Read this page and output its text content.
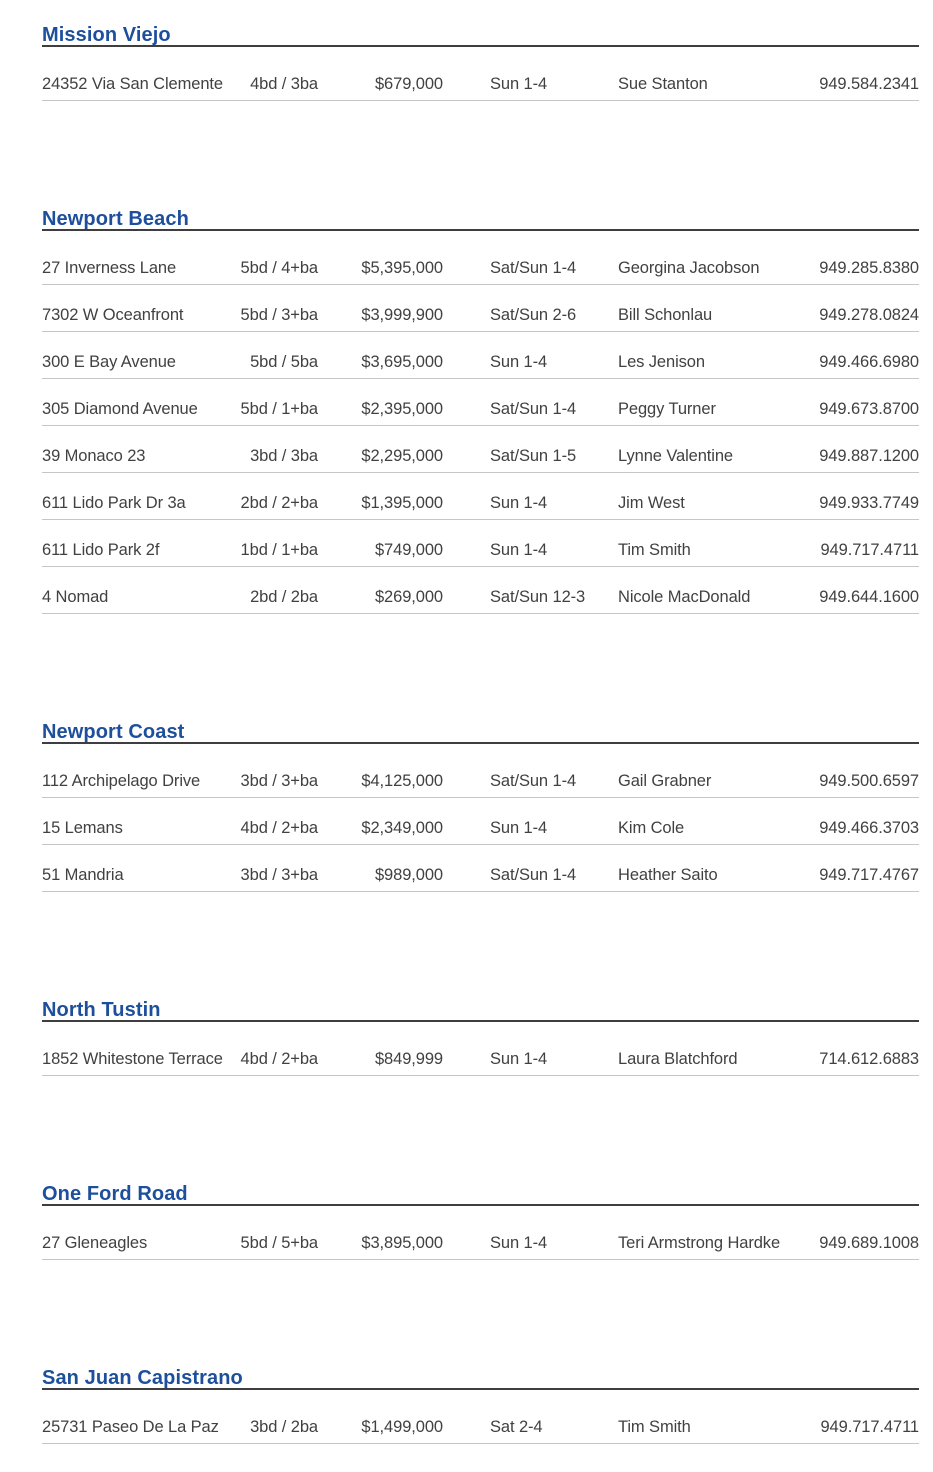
Mission Viejo
24352 Via San Clemente	4bd / 3ba	$679,000	Sun 1-4	Sue Stanton	949.584.2341
Newport Beach
27 Inverness Lane	5bd / 4+ba	$5,395,000	Sat/Sun 1-4	Georgina Jacobson	949.285.8380
7302 W Oceanfront	5bd / 3+ba	$3,999,900	Sat/Sun 2-6	Bill Schonlau	949.278.0824
300 E Bay Avenue	5bd / 5ba	$3,695,000	Sun 1-4	Les Jenison	949.466.6980
305 Diamond Avenue	5bd / 1+ba	$2,395,000	Sat/Sun 1-4	Peggy Turner	949.673.8700
39 Monaco 23	3bd / 3ba	$2,295,000	Sat/Sun 1-5	Lynne Valentine	949.887.1200
611 Lido Park Dr 3a	2bd / 2+ba	$1,395,000	Sun 1-4	Jim West	949.933.7749
611 Lido Park 2f	1bd / 1+ba	$749,000	Sun 1-4	Tim Smith	949.717.4711
4 Nomad	2bd / 2ba	$269,000	Sat/Sun 12-3	Nicole MacDonald	949.644.1600
Newport Coast
112 Archipelago Drive	3bd / 3+ba	$4,125,000	Sat/Sun 1-4	Gail Grabner	949.500.6597
15 Lemans	4bd / 2+ba	$2,349,000	Sun 1-4	Kim Cole	949.466.3703
51 Mandria	3bd / 3+ba	$989,000	Sat/Sun 1-4	Heather Saito	949.717.4767
North Tustin
1852 Whitestone Terrace	4bd / 2+ba	$849,999	Sun 1-4	Laura Blatchford	714.612.6883
One Ford Road
27 Gleneagles	5bd / 5+ba	$3,895,000	Sun 1-4	Teri Armstrong Hardke	949.689.1008
San Juan Capistrano
25731 Paseo De La Paz	3bd / 2ba	$1,499,000	Sat 2-4	Tim Smith	949.717.4711
